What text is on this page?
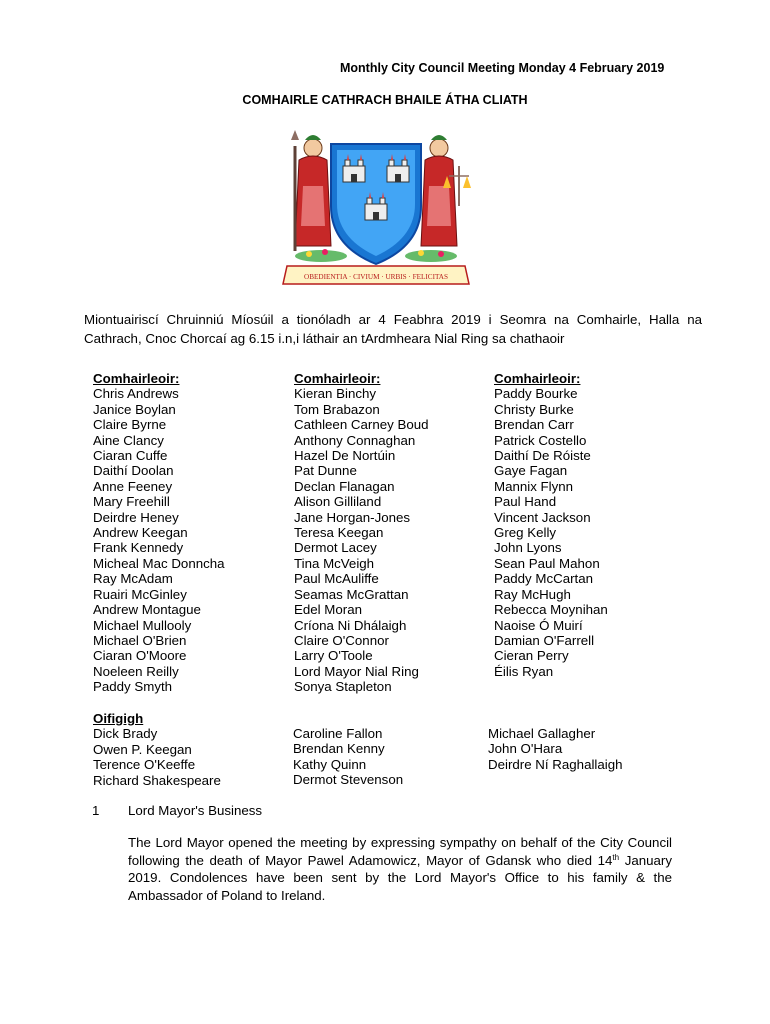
Monthly City Council Meeting Monday 4 February 2019
COMHAIRLE CATHRACH BHAILE ÁTHA CLIATH
OBEDIENTIA · CIVIUM · URBIS · FELICITAS
Miontuairiscí Chruinniú Míosúil a tionóladh ar 4 Feabhra 2019 i Seomra na Comhairle, Halla na Cathrach, Cnoc Chorcaí ag 6.15 i.n,i láthair an tArdmheara Nial Ring sa chathaoir
Comhairleoir:
Chris Andrews
Janice Boylan
Claire Byrne
Aine Clancy
Ciaran Cuffe
Daithí Doolan
Anne Feeney
Mary Freehill
Deirdre Heney
Andrew Keegan
Frank Kennedy
Micheal Mac Donncha
Ray McAdam
Ruairi McGinley
Andrew Montague
Michael Mullooly
Michael O'Brien
Ciaran O'Moore
Noeleen Reilly
Paddy Smyth
Comhairleoir:
Kieran Binchy
Tom Brabazon
Cathleen Carney Boud
Anthony Connaghan
Hazel De Nortúin
Pat Dunne
Declan Flanagan
Alison Gilliland
Jane Horgan-Jones
Teresa Keegan
Dermot Lacey
Tina McVeigh
Paul McAuliffe
Seamas McGrattan
Edel Moran
Críona Ni Dhálaigh
Claire O'Connor
Larry O'Toole
Lord Mayor Nial Ring
Sonya Stapleton
Comhairleoir:
Paddy Bourke
Christy Burke
Brendan Carr
Patrick Costello
Daithí De Róiste
Gaye Fagan
Mannix Flynn
Paul Hand
Vincent Jackson
Greg Kelly
John Lyons
Sean Paul Mahon
Paddy McCartan
Ray McHugh
Rebecca Moynihan
Naoise Ó Muirí
Damian O'Farrell
Cieran Perry
Éilis Ryan
Oifigigh
Dick Brady
Owen P. Keegan
Terence O'Keeffe
Richard Shakespeare
Caroline Fallon
Brendan Kenny
Kathy Quinn
Dermot Stevenson
Michael Gallagher
John O'Hara
Deirdre Ní Raghallaigh
1 Lord Mayor's Business
The Lord Mayor opened the meeting by expressing sympathy on behalf of the City Council following the death of Mayor Pawel Adamowicz, Mayor of Gdansk who died 14th January 2019. Condolences have been sent by the Lord Mayor's Office to his family & the Ambassador of Poland to Ireland.
